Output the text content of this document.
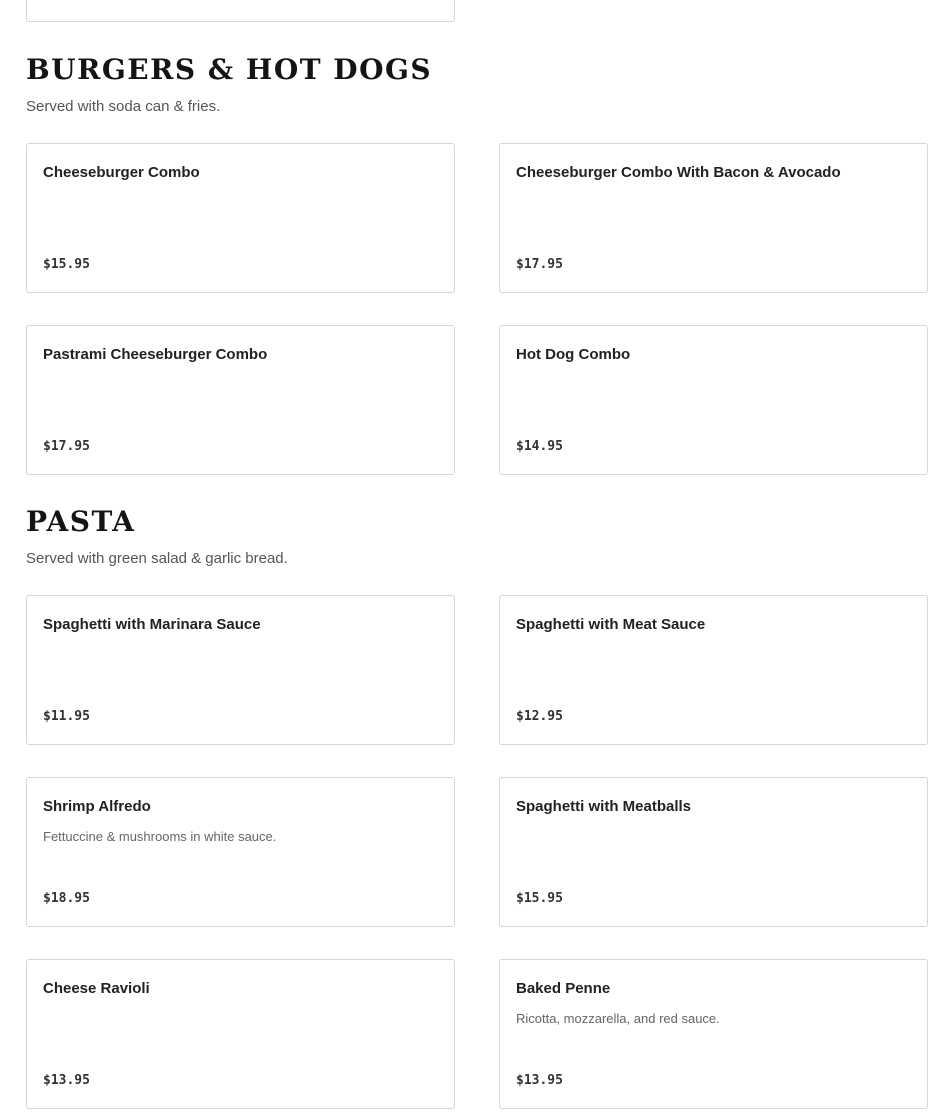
BURGERS & HOT DOGS

Served with soda can & fries.

Cheeseburger Combo
$15.95
Cheeseburger Combo With Bacon & Avocado
$17.95
Pastrami Cheeseburger Combo
$17.95
Hot Dog Combo
$14.95
PASTA

Served with green salad & garlic bread.

Spaghetti with Marinara Sauce
$11.95
Spaghetti with Meat Sauce
$12.95
Shrimp Alfredo
Fettuccine & mushrooms in white sauce.
$18.95
Spaghetti with Meatballs
$15.95
Cheese Ravioli
$13.95
Baked Penne
Ricotta, mozzarella, and red sauce.
$13.95
